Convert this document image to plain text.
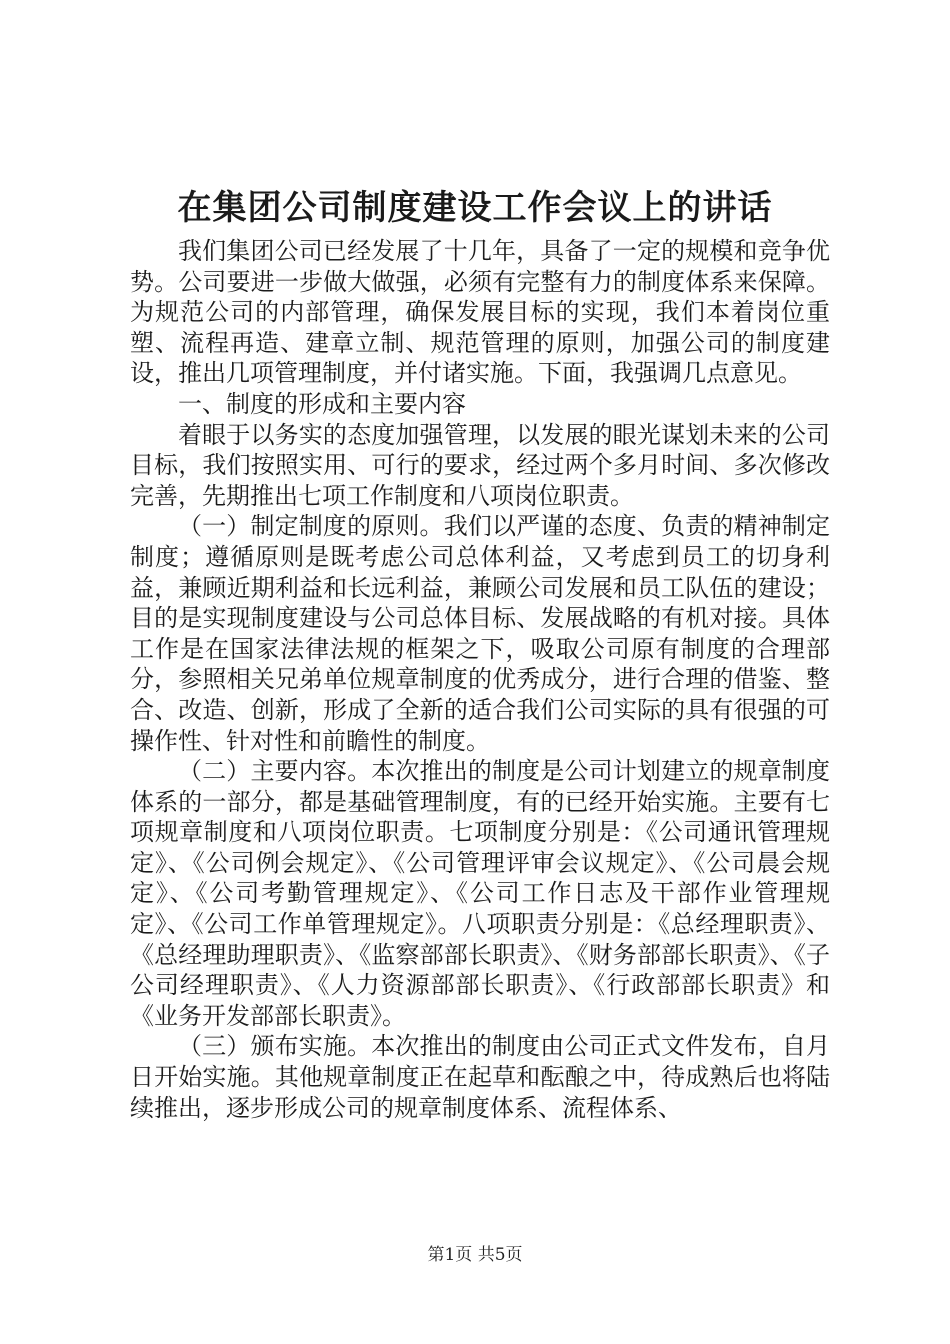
在集团公司制度建设工作会议上的讲话

我们集团公司已经发展了十几年，具备了一定的规模和竞争优势。公司要进一步做大做强，必须有完整有力的制度体系来保障。为规范公司的内部管理，确保发展目标的实现，我们本着岗位重塑、流程再造、建章立制、规范管理的原则，加强公司的制度建设，推出几项管理制度，并付诸实施。下面，我强调几点意见。

一、制度的形成和主要内容

着眼于以务实的态度加强管理，以发展的眼光谋划未来的公司目标，我们按照实用、可行的要求，经过两个多月时间、多次修改完善，先期推出七项工作制度和八项岗位职责。

（一）制定制度的原则。我们以严谨的态度、负责的精神制定制度；遵循原则是既考虑公司总体利益，又考虑到员工的切身利益，兼顾近期利益和长远利益，兼顾公司发展和员工队伍的建设；目的是实现制度建设与公司总体目标、发展战略的有机对接。具体工作是在国家法律法规的框架之下，吸取公司原有制度的合理部分，参照相关兄弟单位规章制度的优秀成分，进行合理的借鉴、整合、改造、创新，形成了全新的适合我们公司实际的具有很强的可操作性、针对性和前瞻性的制度。

（二）主要内容。本次推出的制度是公司计划建立的规章制度体系的一部分，都是基础管理制度，有的已经开始实施。主要有七项规章制度和八项岗位职责。七项制度分别是：《公司通讯管理规定》、《公司例会规定》、《公司管理评审会议规定》、《公司晨会规定》、《公司考勤管理规定》、《公司工作日志及干部作业管理规定》、《公司工作单管理规定》。八项职责分别是：《总经理职责》、《总经理助理职责》、《监察部部长职责》、《财务部部长职责》、《子公司经理职责》、《人力资源部部长职责》、《行政部部长职责》和《业务开发部部长职责》。

（三）颁布实施。本次推出的制度由公司正式文件发布，自月日开始实施。其他规章制度正在起草和酝酿之中，待成熟后也将陆续推出，逐步形成公司的规章制度体系、流程体系、

第1页 共5页
